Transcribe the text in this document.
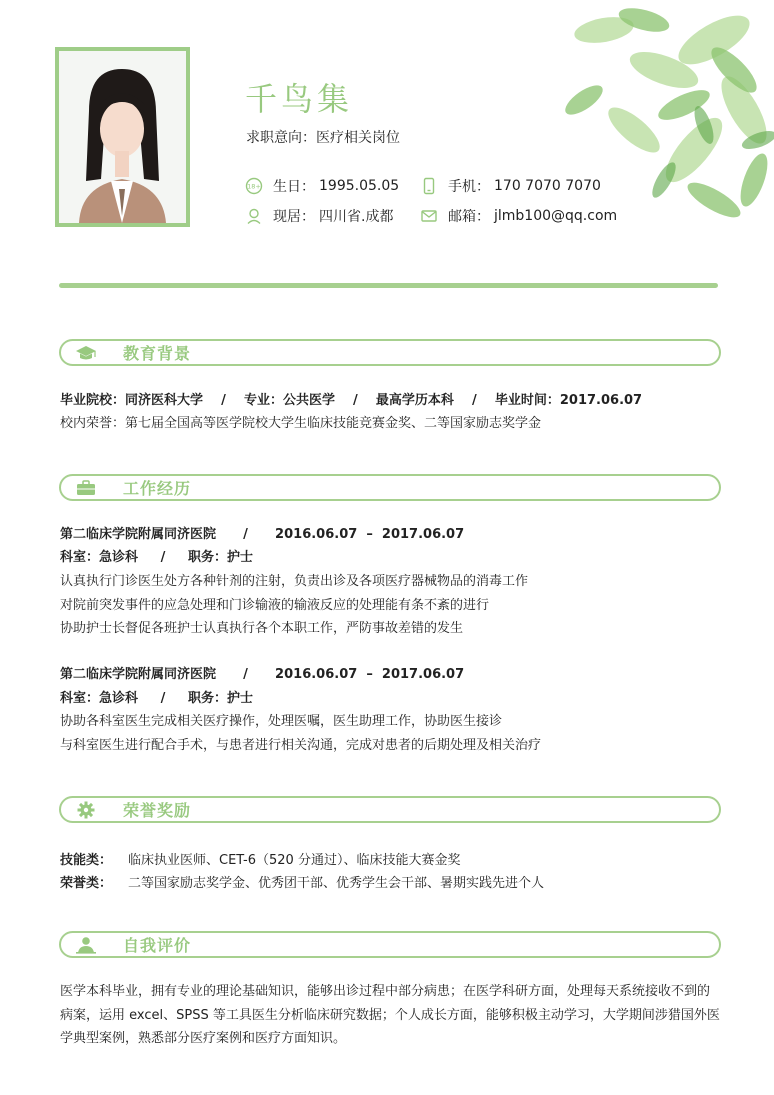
千鸟集
求职意向：医疗相关岗位
18+ 生日： 1995.05.05	手机： 170 7070 7070
现居： 四川省.成都	邮箱： jlmb100@qq.com
教育背景
毕业院校：同济医科大学    /    专业：公共医学    /    最高学历本科    /    毕业时间：2017.06.07
校内荣誉：第七届全国高等医学院校大学生临床技能竞赛金奖、二等国家励志奖学金
工作经历
第二临床学院附属同济医院      /      2016.06.07  –  2017.06.07
科室：急诊科     /     职务：护士
认真执行门诊医生处方各种针剂的注射，负责出诊及各项医疗器械物品的消毒工作
对院前突发事件的应急处理和门诊输液的输液反应的处理能有条不紊的进行
协助护士长督促各班护士认真执行各个本职工作，严防事故差错的发生
第二临床学院附属同济医院      /      2016.06.07  –  2017.06.07
科室：急诊科     /     职务：护士
协助各科室医生完成相关医疗操作，处理医嘱，医生助理工作，协助医生接诊
与科室医生进行配合手术，与患者进行相关沟通，完成对患者的后期处理及相关治疗
荣誉奖励
技能类： 临床执业医师、CET-6（520 分通过）、临床技能大赛金奖
荣誉类： 二等国家励志奖学金、优秀团干部、优秀学生会干部、暑期实践先进个人
自我评价
医学本科毕业，拥有专业的理论基础知识，能够出诊过程中部分病患；在医学科研方面，处理每天系统接收不到的病案，运用 excel、SPSS 等工具医生分析临床研究数据；个人成长方面，能够积极主动学习，大学期间涉猎国外医学典型案例，熟悉部分医疗案例和医疗方面知识。
